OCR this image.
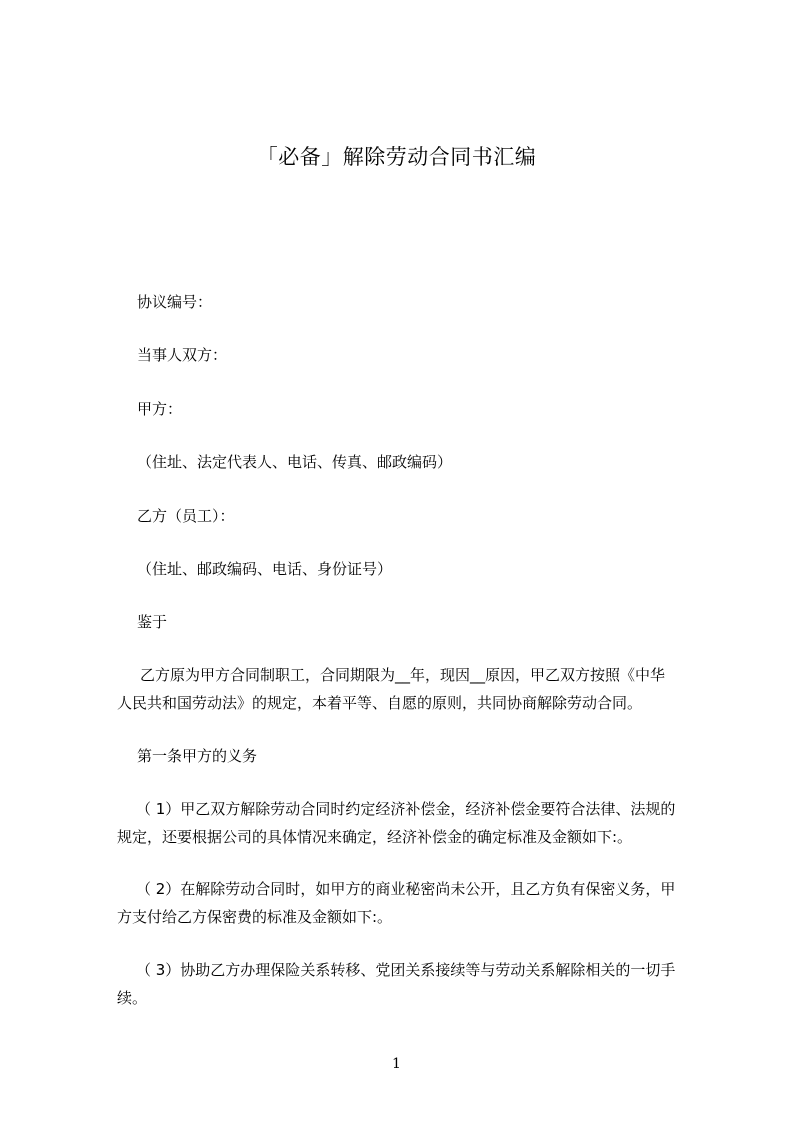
「必备」解除劳动合同书汇编
协议编号：
当事人双方：
甲方：
（住址、法定代表人、电话、传真、邮政编码）
乙方（员工）：
（住址、邮政编码、电话、身份证号）
鉴于
乙方原为甲方合同制职工，合同期限为__年，现因__原因，甲乙双方按照《中华
人民共和国劳动法》的规定，本着平等、自愿的原则，共同协商解除劳动合同。
第一条甲方的义务
（ 1）甲乙双方解除劳动合同时约定经济补偿金，经济补偿金要符合法律、法规的
规定，还要根据公司的具体情况来确定，经济补偿金的确定标准及金额如下:。
（ 2）在解除劳动合同时，如甲方的商业秘密尚未公开，且乙方负有保密义务，甲
方支付给乙方保密费的标准及金额如下:。
（ 3）协助乙方办理保险关系转移、党团关系接续等与劳动关系解除相关的一切手
续。
1
